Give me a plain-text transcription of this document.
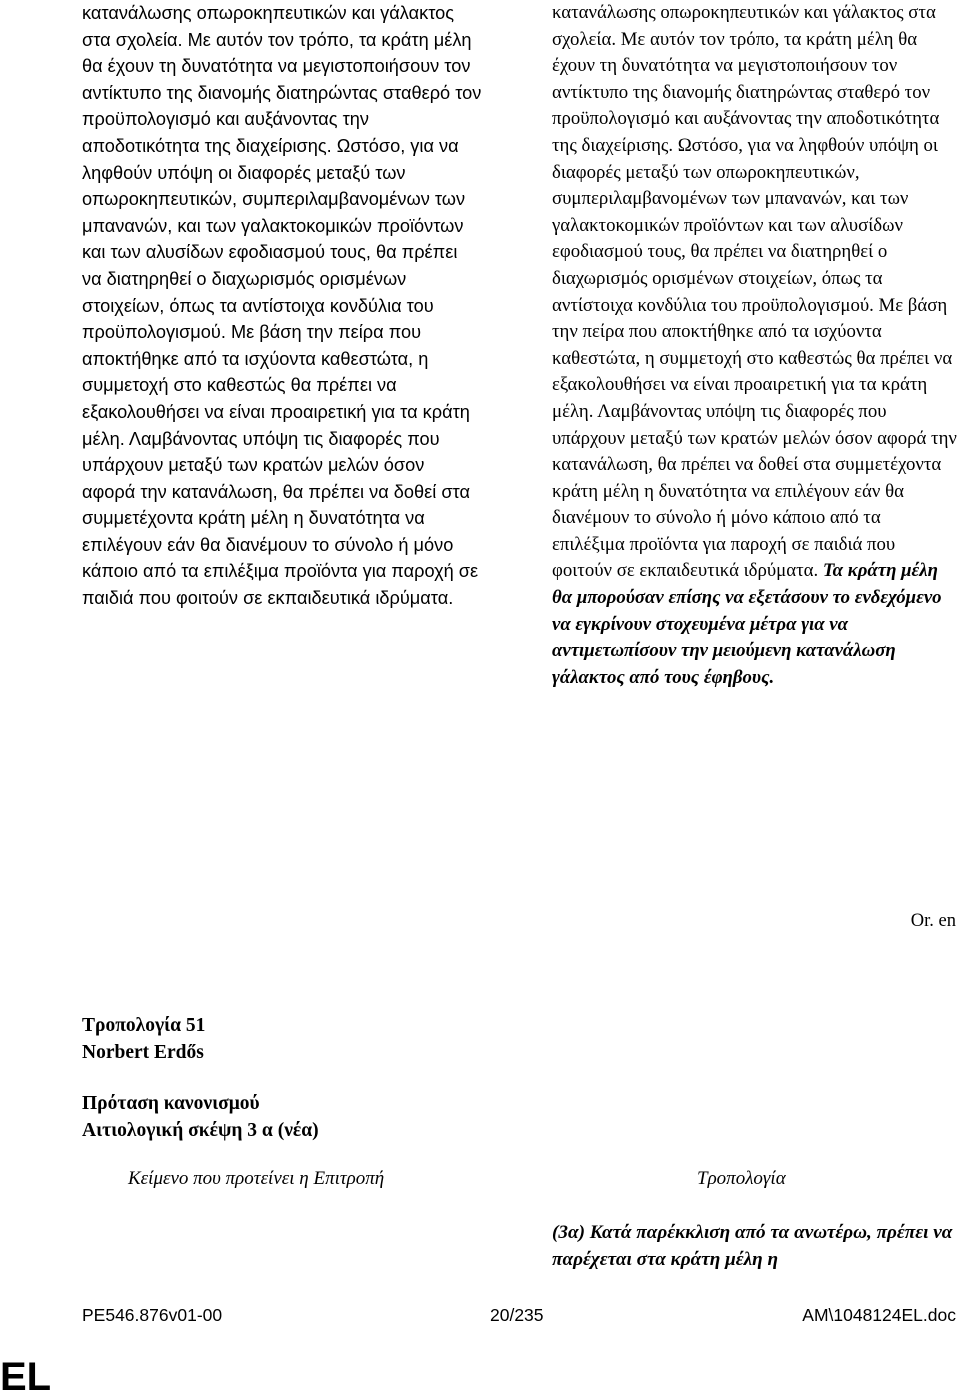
κατανάλωσης οπωροκηπευτικών και γάλακτος στα σχολεία. Με αυτόν τον τρόπο, τα κράτη μέλη θα έχουν τη δυνατότητα να μεγιστοποιήσουν τον αντίκτυπο της διανομής διατηρώντας σταθερό τον προϋπολογισμό και αυξάνοντας την αποδοτικότητα της διαχείρισης. Ωστόσο, για να ληφθούν υπόψη οι διαφορές μεταξύ των οπωροκηπευτικών, συμπεριλαμβανομένων των μπανανών, και των γαλακτοκομικών προϊόντων και των αλυσίδων εφοδιασμού τους, θα πρέπει να διατηρηθεί ο διαχωρισμός ορισμένων στοιχείων, όπως τα αντίστοιχα κονδύλια του προϋπολογισμού. Με βάση την πείρα που αποκτήθηκε από τα ισχύοντα καθεστώτα, η συμμετοχή στο καθεστώς θα πρέπει να εξακολουθήσει να είναι προαιρετική για τα κράτη μέλη. Λαμβάνοντας υπόψη τις διαφορές που υπάρχουν μεταξύ των κρατών μελών όσον αφορά την κατανάλωση, θα πρέπει να δοθεί στα συμμετέχοντα κράτη μέλη η δυνατότητα να επιλέγουν εάν θα διανέμουν το σύνολο ή μόνο κάποιο από τα επιλέξιμα προϊόντα για παροχή σε παιδιά που φοιτούν σε εκπαιδευτικά ιδρύματα.

κατανάλωσης οπωροκηπευτικών και γάλακτος στα σχολεία. Με αυτόν τον τρόπο, τα κράτη μέλη θα έχουν τη δυνατότητα να μεγιστοποιήσουν τον αντίκτυπο της διανομής διατηρώντας σταθερό τον προϋπολογισμό και αυξάνοντας την αποδοτικότητα της διαχείρισης. Ωστόσο, για να ληφθούν υπόψη οι διαφορές μεταξύ των οπωροκηπευτικών, συμπεριλαμβανομένων των μπανανών, και των γαλακτοκομικών προϊόντων και των αλυσίδων εφοδιασμού τους, θα πρέπει να διατηρηθεί ο διαχωρισμός ορισμένων στοιχείων, όπως τα αντίστοιχα κονδύλια του προϋπολογισμού. Με βάση την πείρα που αποκτήθηκε από τα ισχύοντα καθεστώτα, η συμμετοχή στο καθεστώς θα πρέπει να εξακολουθήσει να είναι προαιρετική για τα κράτη μέλη. Λαμβάνοντας υπόψη τις διαφορές που υπάρχουν μεταξύ των κρατών μελών όσον αφορά την κατανάλωση, θα πρέπει να δοθεί στα συμμετέχοντα κράτη μέλη η δυνατότητα να επιλέγουν εάν θα διανέμουν το σύνολο ή μόνο κάποιο από τα επιλέξιμα προϊόντα για παροχή σε παιδιά που φοιτούν σε εκπαιδευτικά ιδρύματα. Τα κράτη μέλη θα μπορούσαν επίσης να εξετάσουν το ενδεχόμενο να εγκρίνουν στοχευμένα μέτρα για να αντιμετωπίσουν την μειούμενη κατανάλωση γάλακτος από τους έφηβους.

Or. en
Τροπολογία 51
Norbert Erdős
Πρόταση κανονισμού
Αιτιολογική σκέψη 3 α (νέα)
Κείμενο που προτείνει η Επιτροπή	Τροπολογία
(3α) Κατά παρέκκλιση από τα ανωτέρω, πρέπει να παρέχεται στα κράτη μέλη η
PE546.876v01-00	20/235	AM\1048124EL.doc
EL
